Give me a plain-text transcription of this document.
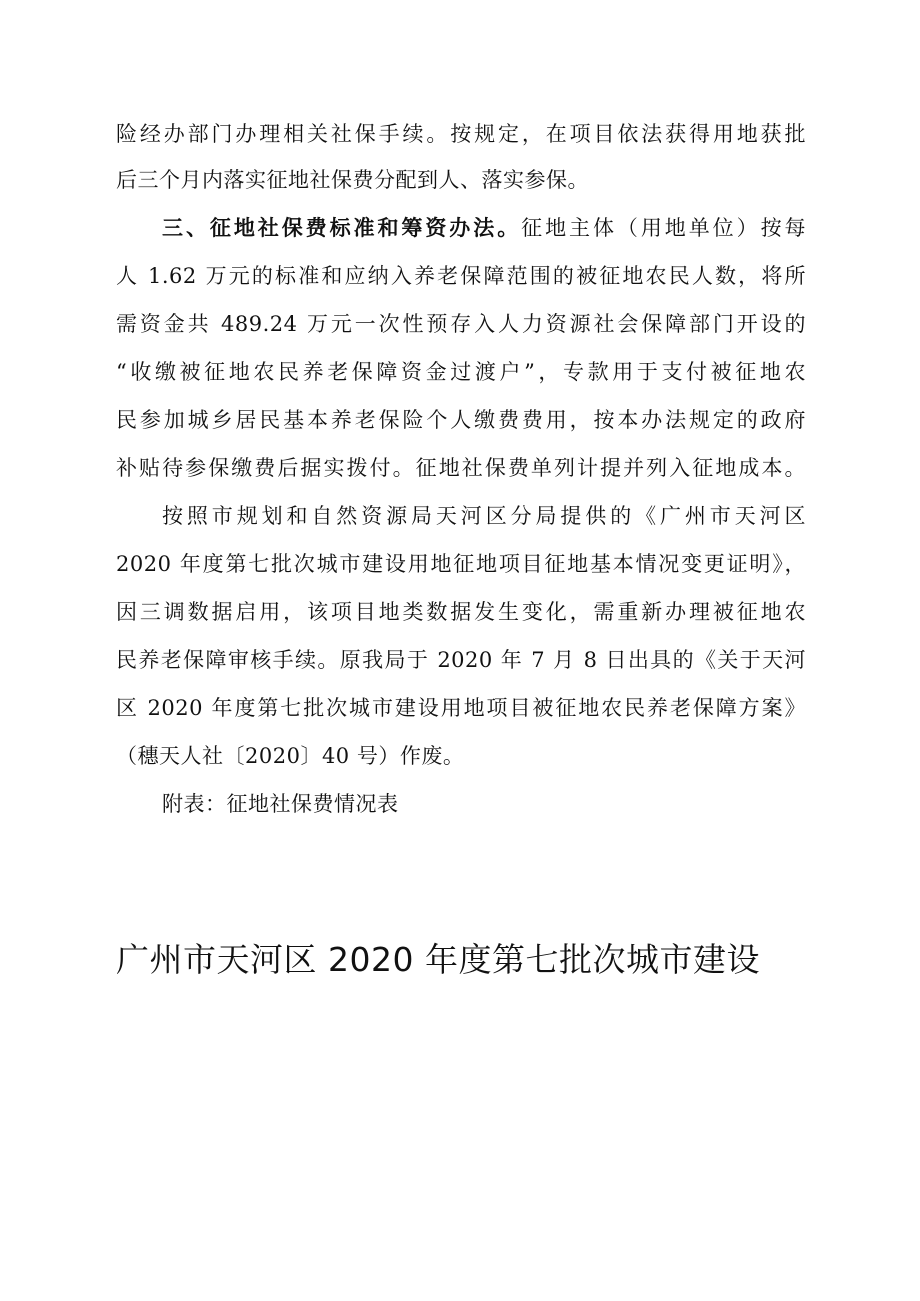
险经办部门办理相关社保手续。按规定，在项目依法获得用地获批
后三个月内落实征地社保费分配到人、落实参保。
三、征地社保费标准和筹资办法。征地主体（用地单位）按每
人 1.62 万元的标准和应纳入养老保障范围的被征地农民人数，将所
需资金共 489.24 万元一次性预存入人力资源社会保障部门开设的
“收缴被征地农民养老保障资金过渡户”，专款用于支付被征地农
民参加城乡居民基本养老保险个人缴费费用，按本办法规定的政府
补贴待参保缴费后据实拨付。征地社保费单列计提并列入征地成本。
按照市规划和自然资源局天河区分局提供的《广州市天河区
2020 年度第七批次城市建设用地征地项目征地基本情况变更证明》，
因三调数据启用，该项目地类数据发生变化，需重新办理被征地农
民养老保障审核手续。原我局于 2020 年 7 月 8 日出具的《关于天河
区 2020 年度第七批次城市建设用地项目被征地农民养老保障方案》
（穗天人社〔2020〕40 号）作废。
附表：征地社保费情况表
广州市天河区 2020 年度第七批次城市建设
